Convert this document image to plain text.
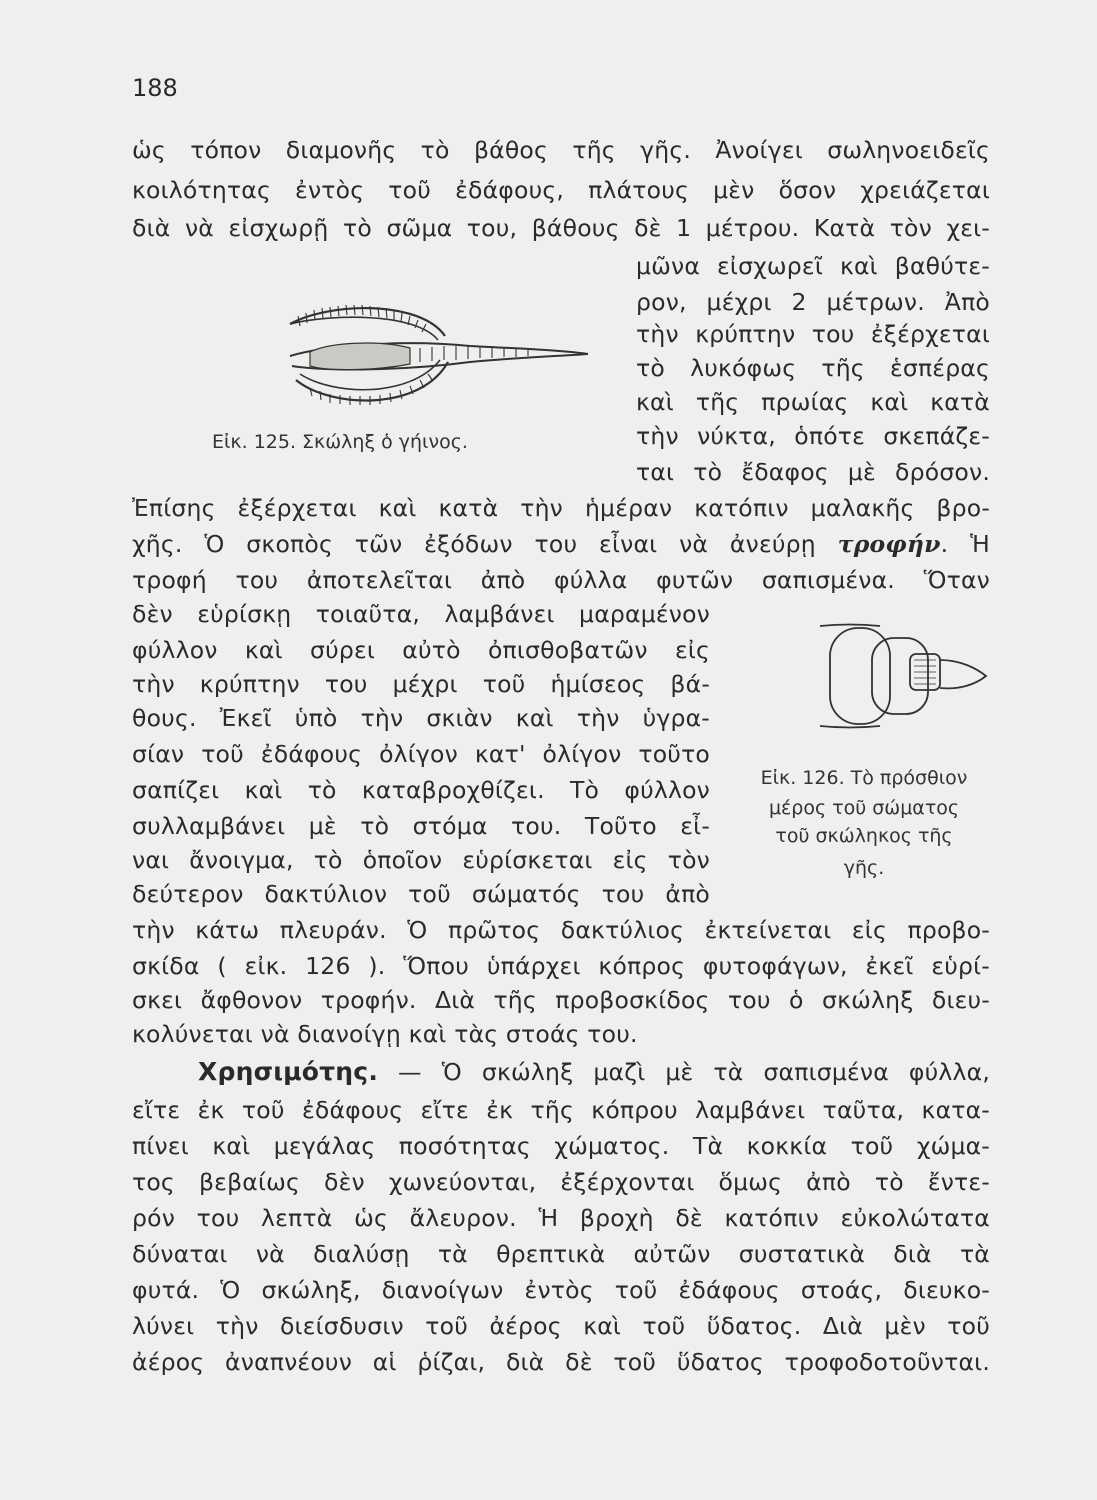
188
ὡς τόπον διαμονῆς τὸ βάθος τῆς γῆς. Ἀνοίγει σωληνοειδεῖς
κοιλότητας ἐντὸς τοῦ ἐδάφους, πλάτους μὲν ὅσον χρειάζεται
διὰ νὰ εἰσχωρῇ τὸ σῶμα του, βάθους δὲ 1 μέτρου. Κατὰ τὸν χει-
μῶνα εἰσχωρεῖ καὶ βαθύτε-
ρον, μέχρι 2 μέτρων. Ἀπὸ
τὴν κρύπτην του ἐξέρχεται
τὸ λυκόφως τῆς ἑσπέρας
καὶ τῆς πρωίας καὶ κατὰ
τὴν νύκτα, ὁπότε σκεπάζε-
ται τὸ ἔδαφος μὲ δρόσον.
Εἰκ. 125. Σκώληξ ὁ γήινος.
Ἐπίσης ἐξέρχεται καὶ κατὰ τὴν ἡμέραν κατόπιν μαλακῆς βρο-
χῆς. Ὁ σκοπὸς τῶν ἐξόδων του εἶναι νὰ ἀνεύρῃ τροφήν. Ἡ
τροφή του ἀποτελεῖται ἀπὸ φύλλα φυτῶν σαπισμένα. Ὅταν
δὲν εὑρίσκῃ τοιαῦτα, λαμβάνει μαραμένον
φύλλον καὶ σύρει αὐτὸ ὀπισθοβατῶν εἰς
τὴν κρύπτην του μέχρι τοῦ ἡμίσεος βά-
θους. Ἐκεῖ ὑπὸ τὴν σκιὰν καὶ τὴν ὑγρα-
σίαν τοῦ ἐδάφους ὀλίγον κατ' ὀλίγον τοῦτο
σαπίζει καὶ τὸ καταβροχθίζει. Τὸ φύλλον
συλλαμβάνει μὲ τὸ στόμα του. Τοῦτο εἶ-
ναι ἄνοιγμα, τὸ ὁποῖον εὑρίσκεται εἰς τὸν
δεύτερον δακτύλιον τοῦ σώματός του ἀπὸ
Εἰκ. 126. Τὸ πρόσθιον
μέρος τοῦ σώματος
τοῦ σκώληκος τῆς
γῆς.
τὴν κάτω πλευράν. Ὁ πρῶτος δακτύλιος ἐκτείνεται εἰς προβο-
σκίδα ( εἰκ. 126 ). Ὅπου ὑπάρχει κόπρος φυτοφάγων, ἐκεῖ εὑρί-
σκει ἄφθονον τροφήν. Διὰ τῆς προβοσκίδος του ὁ σκώληξ διευ-
κολύνεται νὰ διανοίγῃ καὶ τὰς στοάς του.
Χρησιμότης. — Ὁ σκώληξ μαζὶ μὲ τὰ σαπισμένα φύλλα,
εἴτε ἐκ τοῦ ἐδάφους εἴτε ἐκ τῆς κόπρου λαμβάνει ταῦτα, κατα-
πίνει καὶ μεγάλας ποσότητας χώματος. Τὰ κοκκία τοῦ χώμα-
τος βεβαίως δὲν χωνεύονται, ἐξέρχονται ὅμως ἀπὸ τὸ ἔντε-
ρόν του λεπτὰ ὡς ἄλευρον. Ἡ βροχὴ δὲ κατόπιν εὐκολώτατα
δύναται νὰ διαλύσῃ τὰ θρεπτικὰ αὐτῶν συστατικὰ διὰ τὰ
φυτά. Ὁ σκώληξ, διανοίγων ἐντὸς τοῦ ἐδάφους στοάς, διευκο-
λύνει τὴν διείσδυσιν τοῦ ἀέρος καὶ τοῦ ὕδατος. Διὰ μὲν τοῦ
ἀέρος ἀναπνέουν αἱ ῥίζαι, διὰ δὲ τοῦ ὕδατος τροφοδοτοῦνται.
